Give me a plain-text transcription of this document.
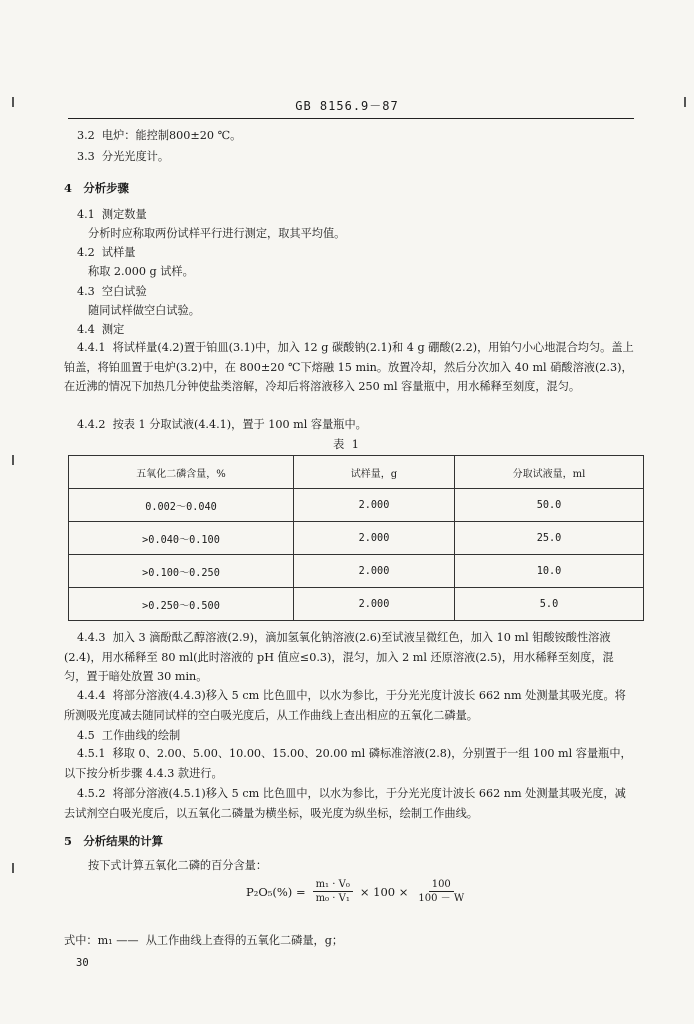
GB 8156.9－87
3.2 电炉：能控制800±20 ℃。
3.3 分光光度计。
4　分析步骤
4.1 测定数量
分析时应称取两份试样平行进行测定，取其平均值。
4.2 试样量
称取 2.000 g 试样。
4.3 空白试验
随同试样做空白试验。
4.4 测定
4.4.1 将试样量(4.2)置于铂皿(3.1)中，加入 12 g 碳酸钠(2.1)和 4 g 硼酸(2.2)，用铂勺小心地混合均匀。盖上铂盖，将铂皿置于电炉(3.2)中，在 800±20 ℃下熔融 15 min。放置冷却，然后分次加入 40 ml 硝酸溶液(2.3)，在近沸的情况下加热几分钟使盐类溶解，冷却后将溶液移入 250 ml 容量瓶中，用水稀释至刻度，混匀。
4.4.2 按表 1 分取试液(4.4.1)，置于 100 ml 容量瓶中。
表 1
五氧化二磷含量，%	试样量，g	分取试液量，ml
0.002～0.040	2.000	50.0
>0.040～0.100	2.000	25.0
>0.100～0.250	2.000	10.0
>0.250～0.500	2.000	5.0
4.4.3 加入 3 滴酚酞乙醇溶液(2.9)，滴加氢氧化钠溶液(2.6)至试液呈微红色，加入 10 ml 钼酸铵酸性溶液(2.4)，用水稀释至 80 ml(此时溶液的 pH 值应≤0.3)，混匀，加入 2 ml 还原溶液(2.5)，用水稀释至刻度，混匀，置于暗处放置 30 min。
4.4.4 将部分溶液(4.4.3)移入 5 cm 比色皿中，以水为参比，于分光光度计波长 662 nm 处测量其吸光度。将所测吸光度减去随同试样的空白吸光度后，从工作曲线上查出相应的五氧化二磷量。
4.5 工作曲线的绘制
4.5.1 移取 0、2.00、5.00、10.00、15.00、20.00 ml 磷标准溶液(2.8)，分别置于一组 100 ml 容量瓶中，以下按分析步骤 4.4.3 款进行。
4.5.2 将部分溶液(4.5.1)移入 5 cm 比色皿中，以水为参比，于分光光度计波长 662 nm 处测量其吸光度，减去试剂空白吸光度后，以五氧化二磷量为横坐标，吸光度为纵坐标，绘制工作曲线。
5　分析结果的计算
按下式计算五氧化二磷的百分含量：
$P_2O_5(\%) = \frac{\text{m₁ · V₀}}{\text{m₀ · V₁}} \times 100 \times \frac{100}{100 - W}$
式中：m₁ —— 从工作曲线上查得的五氧化二磷量，g；
30
